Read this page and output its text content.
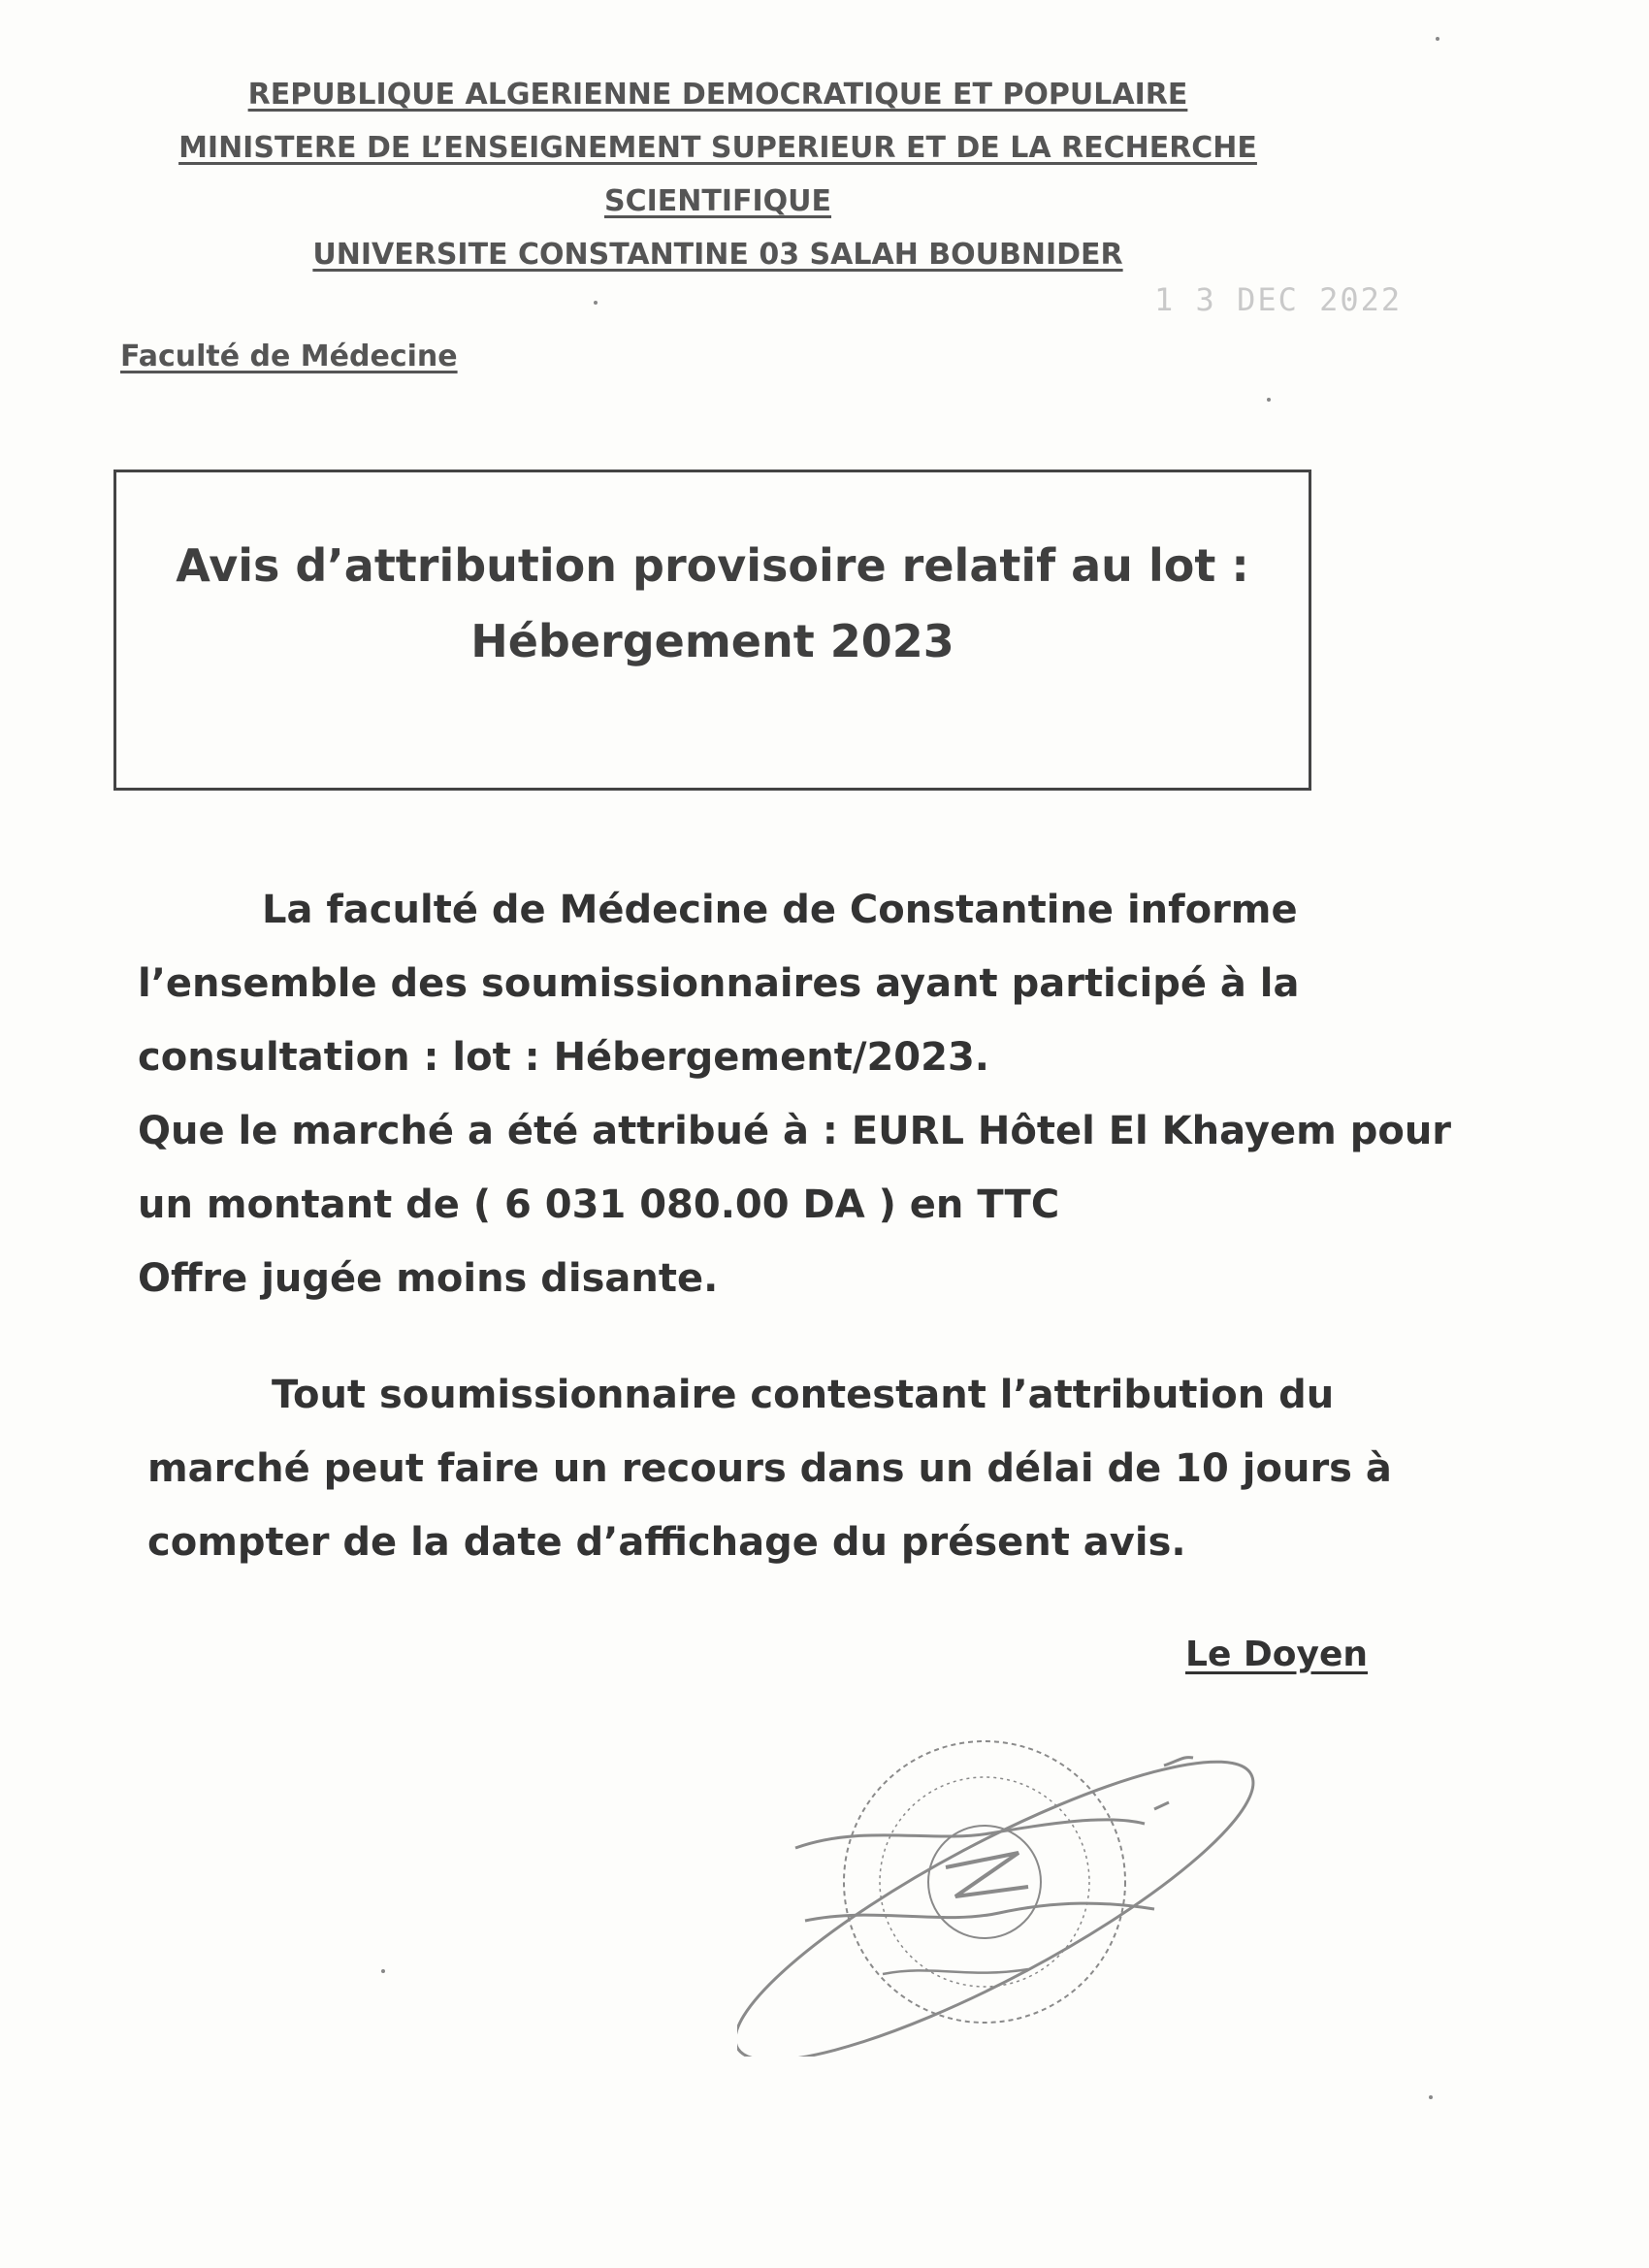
REPUBLIQUE ALGERIENNE DEMOCRATIQUE ET POPULAIRE
MINISTERE DE L’ENSEIGNEMENT SUPERIEUR ET DE LA RECHERCHE
SCIENTIFIQUE
UNIVERSITE CONSTANTINE 03 SALAH BOUBNIDER
1 3 DEC 2022
Faculté de Médecine
Avis d’attribution provisoire relatif au lot : Hébergement 2023
La faculté de Médecine de Constantine informe
l’ensemble des soumissionnaires ayant participé à la
consultation : lot : Hébergement/2023.
Que le marché a été attribué à : EURL Hôtel El Khayem pour
un montant de ( 6 031 080.00 DA ) en TTC
Offre jugée moins disante.
Tout soumissionnaire contestant l’attribution du
marché peut faire un recours dans un délai de 10 jours à
compter de la date d’affichage du présent avis.
Le Doyen
